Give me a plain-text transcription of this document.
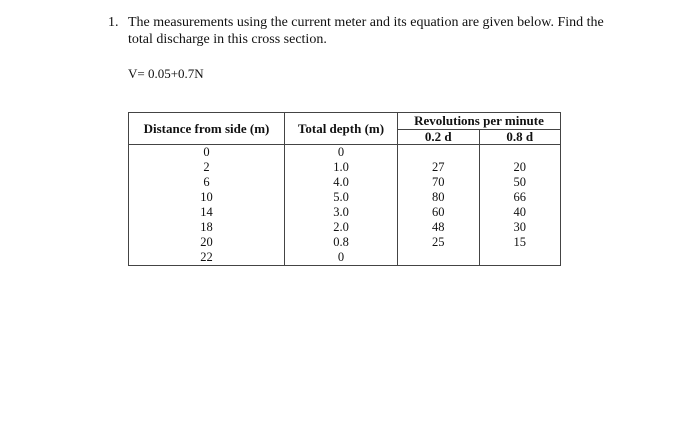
1. The measurements using the current meter and its equation are given below. Find the
total discharge in this cross section.
V= 0.05+0.7N
Distance from side (m)	Total depth (m)	Revolutions per minute	
		0.2 d	0.8 d
0	0		
2	1.0	27	20
6	4.0	70	50
10	5.0	80	66
14	3.0	60	40
18	2.0	48	30
20	0.8	25	15
22	0		
